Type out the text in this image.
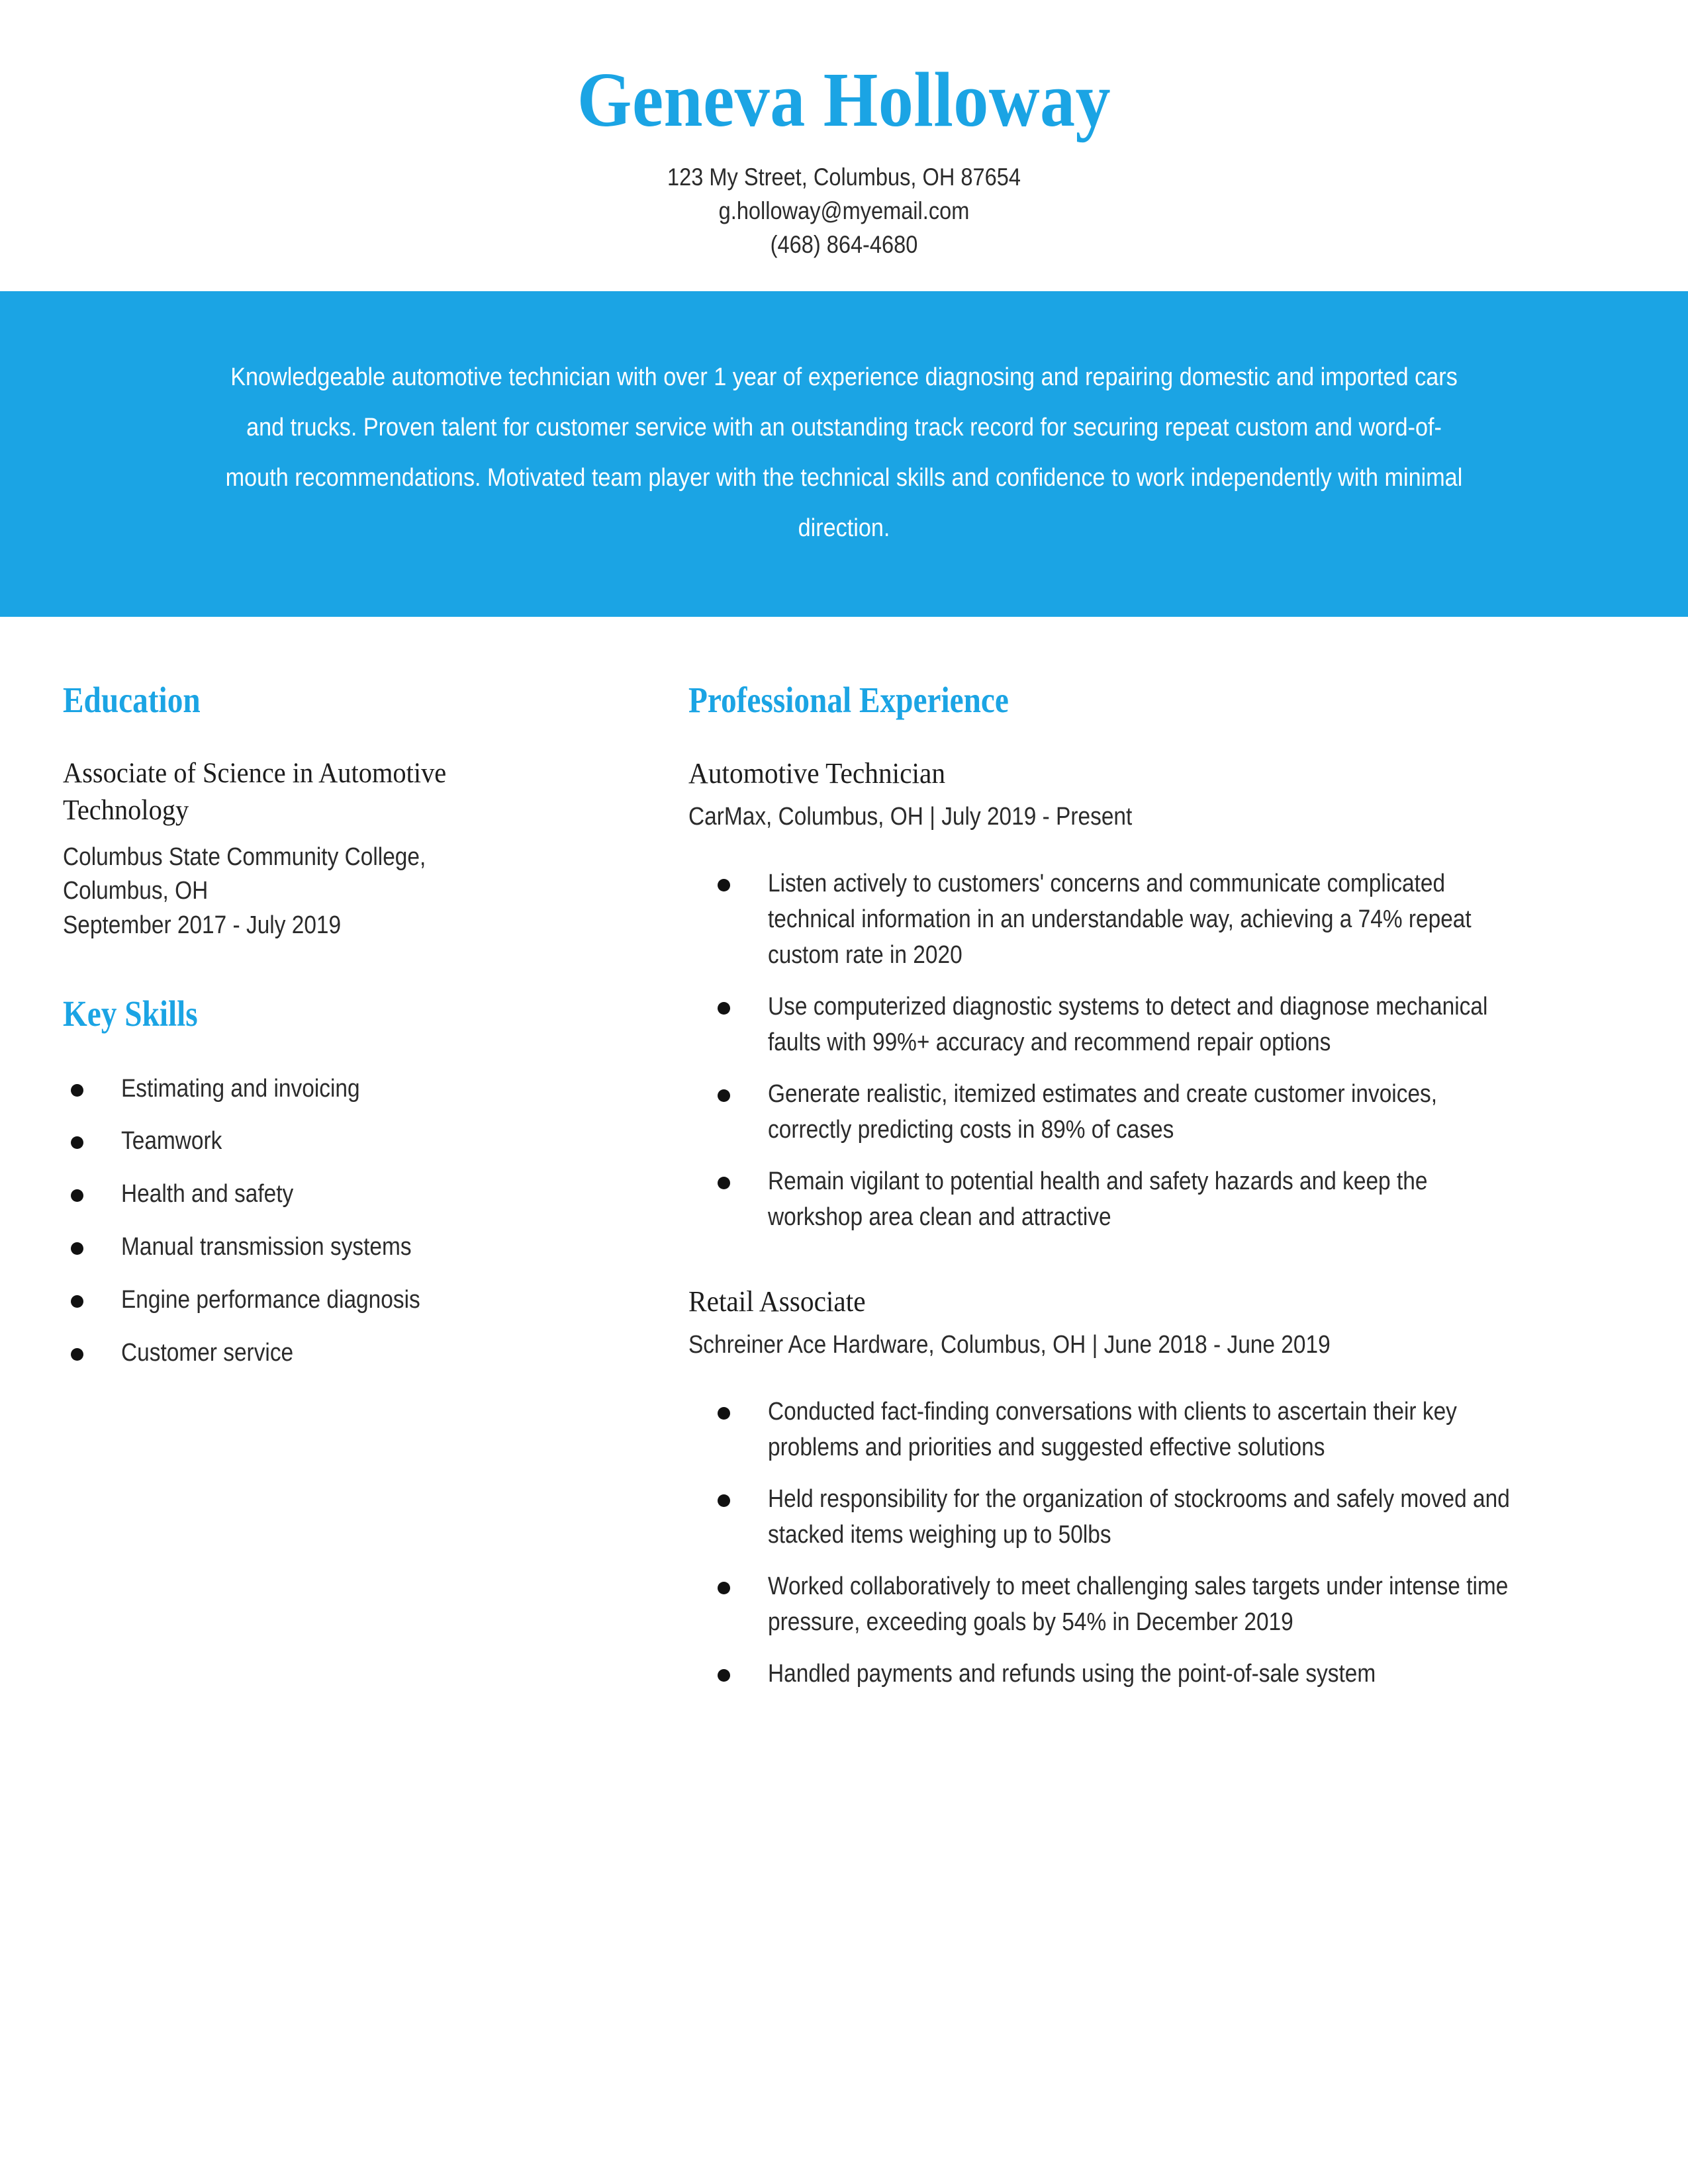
Geneva Holloway
123 My Street, Columbus, OH 87654
g.holloway@myemail.com
(468) 864-4680
Knowledgeable automotive technician with over 1 year of experience diagnosing and repairing domestic and imported cars and trucks. Proven talent for customer service with an outstanding track record for securing repeat custom and word-of-mouth recommendations. Motivated team player with the technical skills and confidence to work independently with minimal direction.
Education
Associate of Science in Automotive Technology
Columbus State Community College,
Columbus, OH
September 2017 - July 2019
Key Skills
Estimating and invoicing
Teamwork
Health and safety
Manual transmission systems
Engine performance diagnosis
Customer service
Professional Experience
Automotive Technician
CarMax, Columbus, OH | July 2019 - Present
Listen actively to customers' concerns and communicate complicated technical information in an understandable way, achieving a 74% repeat custom rate in 2020
Use computerized diagnostic systems to detect and diagnose mechanical faults with 99%+ accuracy and recommend repair options
Generate realistic, itemized estimates and create customer invoices, correctly predicting costs in 89% of cases
Remain vigilant to potential health and safety hazards and keep the workshop area clean and attractive
Retail Associate
Schreiner Ace Hardware, Columbus, OH | June 2018 - June 2019
Conducted fact-finding conversations with clients to ascertain their key problems and priorities and suggested effective solutions
Held responsibility for the organization of stockrooms and safely moved and stacked items weighing up to 50lbs
Worked collaboratively to meet challenging sales targets under intense time pressure, exceeding goals by 54% in December 2019
Handled payments and refunds using the point-of-sale system
